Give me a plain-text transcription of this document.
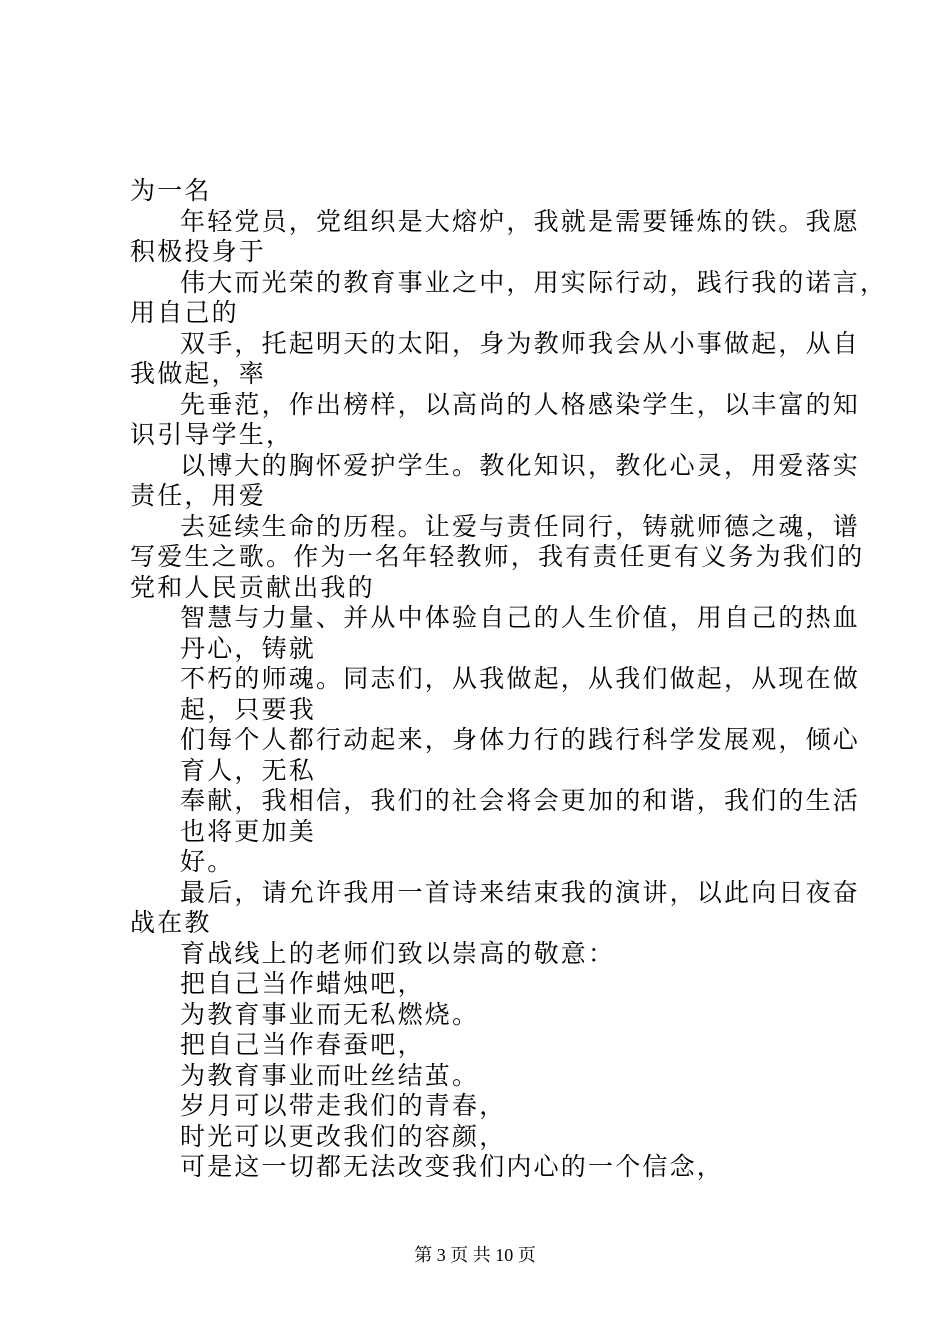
为一名
年轻党员，党组织是大熔炉，我就是需要锤炼的铁。我愿
积极投身于
伟大而光荣的教育事业之中，用实际行动，践行我的诺言，
用自己的
双手，托起明天的太阳，身为教师我会从小事做起，从自
我做起，率
先垂范，作出榜样，以高尚的人格感染学生，以丰富的知
识引导学生，
以博大的胸怀爱护学生。教化知识，教化心灵，用爱落实
责任，用爱
去延续生命的历程。让爱与责任同行，铸就师德之魂，谱
写爱生之歌。作为一名年轻教师，我有责任更有义务为我们的
党和人民贡献出我的
智慧与力量、并从中体验自己的人生价值，用自己的热血
丹心，铸就
不朽的师魂。同志们，从我做起，从我们做起，从现在做
起，只要我
们每个人都行动起来，身体力行的践行科学发展观，倾心
育人，无私
奉献，我相信，我们的社会将会更加的和谐，我们的生活
也将更加美
好。
最后，请允许我用一首诗来结束我的演讲，以此向日夜奋
战在教
育战线上的老师们致以崇高的敬意：
把自己当作蜡烛吧，
为教育事业而无私燃烧。
把自己当作春蚕吧，
为教育事业而吐丝结茧。
岁月可以带走我们的青春，
时光可以更改我们的容颜，
可是这一切都无法改变我们内心的一个信念，
第 3 页 共 10 页
